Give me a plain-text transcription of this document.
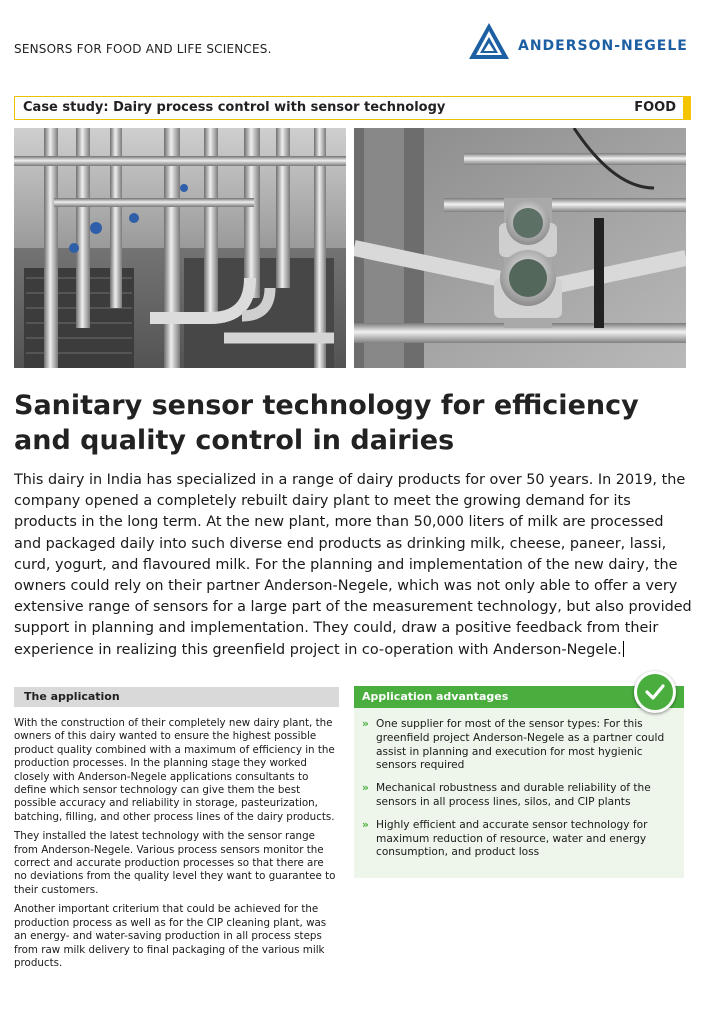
SENSORS FOR FOOD AND LIFE SCIENCES.	ANDERSON-NEGELE
Case study: Dairy process control with sensor technology	FOOD
Sanitary sensor technology for efficiency and quality control in dairies

This dairy in India has specialized in a range of dairy products for over 50 years. In 2019, the company opened a completely rebuilt dairy plant to meet the growing demand for its products in the long term. At the new plant, more than 50,000 liters of milk are processed and packaged daily into such diverse end products as drinking milk, cheese, paneer, lassi, curd, yogurt, and flavoured milk. For the planning and implementation of the new dairy, the owners could rely on their partner Anderson-Negele, which was not only able to offer a very extensive range of sensors for a large part of the measurement technology, but also provided support in planning and implementation. They could, draw a positive feedback from their experience in realizing this greenfield project in co-operation with Anderson-Negele.

The application

With the construction of their completely new dairy plant, the owners of this dairy wanted to ensure the highest possible product quality combined with a maximum of efficiency in the production processes. In the planning stage they worked closely with Anderson-Negele applications consultants to define which sensor technology can give them the best possible accuracy and reliability in storage, pasteurization, batching, filling, and other process lines of the dairy products.

They installed the latest technology with the sensor range from Anderson-Negele. Various process sensors monitor the correct and accurate production processes so that there are no deviations from the quality level they want to guarantee to their customers.

Another important criterium that could be achieved for the production process as well as for the CIP cleaning plant, was an energy- and water-saving production in all process steps from raw milk delivery to final packaging of the various milk products.

Application advantages
» One supplier for most of the sensor types: For this greenfield project Anderson-Negele as a partner could assist in planning and execution for most hygienic sensors required
» Mechanical robustness and durable reliability of the sensors in all process lines, silos, and CIP plants
» Highly efficient and accurate sensor technology for maximum reduction of resource, water and energy consumption, and product loss
